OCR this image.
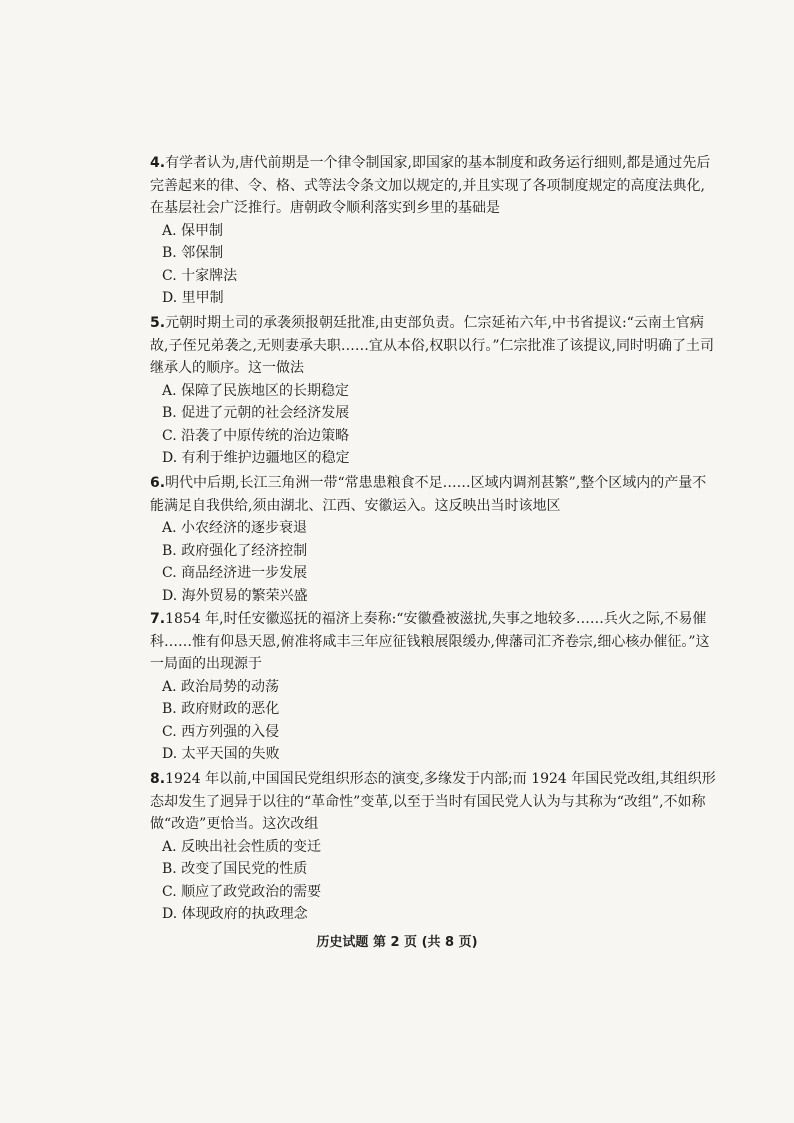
4.有学者认为,唐代前期是一个律令制国家,即国家的基本制度和政务运行细则,都是通过先后完善起来的律、令、格、式等法令条文加以规定的,并且实现了各项制度规定的高度法典化,在基层社会广泛推行。唐朝政令顺利落实到乡里的基础是

A. 保甲制

B. 邻保制

C. 十家牌法

D. 里甲制

5.元朝时期土司的承袭须报朝廷批准,由吏部负责。仁宗延祐六年,中书省提议:“云南土官病故,子侄兄弟袭之,无则妻承夫职……宜从本俗,权职以行。”仁宗批准了该提议,同时明确了土司继承人的顺序。这一做法

A. 保障了民族地区的长期稳定

B. 促进了元朝的社会经济发展

C. 沿袭了中原传统的治边策略

D. 有利于维护边疆地区的稳定

6.明代中后期,长江三角洲一带“常患患粮食不足……区域内调剂甚繁”,整个区域内的产量不能满足自我供给,须由湖北、江西、安徽运入。这反映出当时该地区

A. 小农经济的逐步衰退

B. 政府强化了经济控制

C. 商品经济进一步发展

D. 海外贸易的繁荣兴盛

7.1854 年,时任安徽巡抚的福济上奏称:“安徽叠被滋扰,失事之地较多……兵火之际,不易催科……惟有仰恳天恩,俯准将咸丰三年应征钱粮展限缓办,俾藩司汇齐卷宗,细心核办催征。”这一局面的出现源于

A. 政治局势的动荡

B. 政府财政的恶化

C. 西方列强的入侵

D. 太平天国的失败

8.1924 年以前,中国国民党组织形态的演变,多缘发于内部;而 1924 年国民党改组,其组织形态却发生了迥异于以往的“革命性”变革,以至于当时有国民党人认为与其称为“改组”,不如称做“改造”更恰当。这次改组

A. 反映出社会性质的变迁

B. 改变了国民党的性质

C. 顺应了政党政治的需要

D. 体现政府的执政理念

历史试题 第 2 页 (共 8 页)
